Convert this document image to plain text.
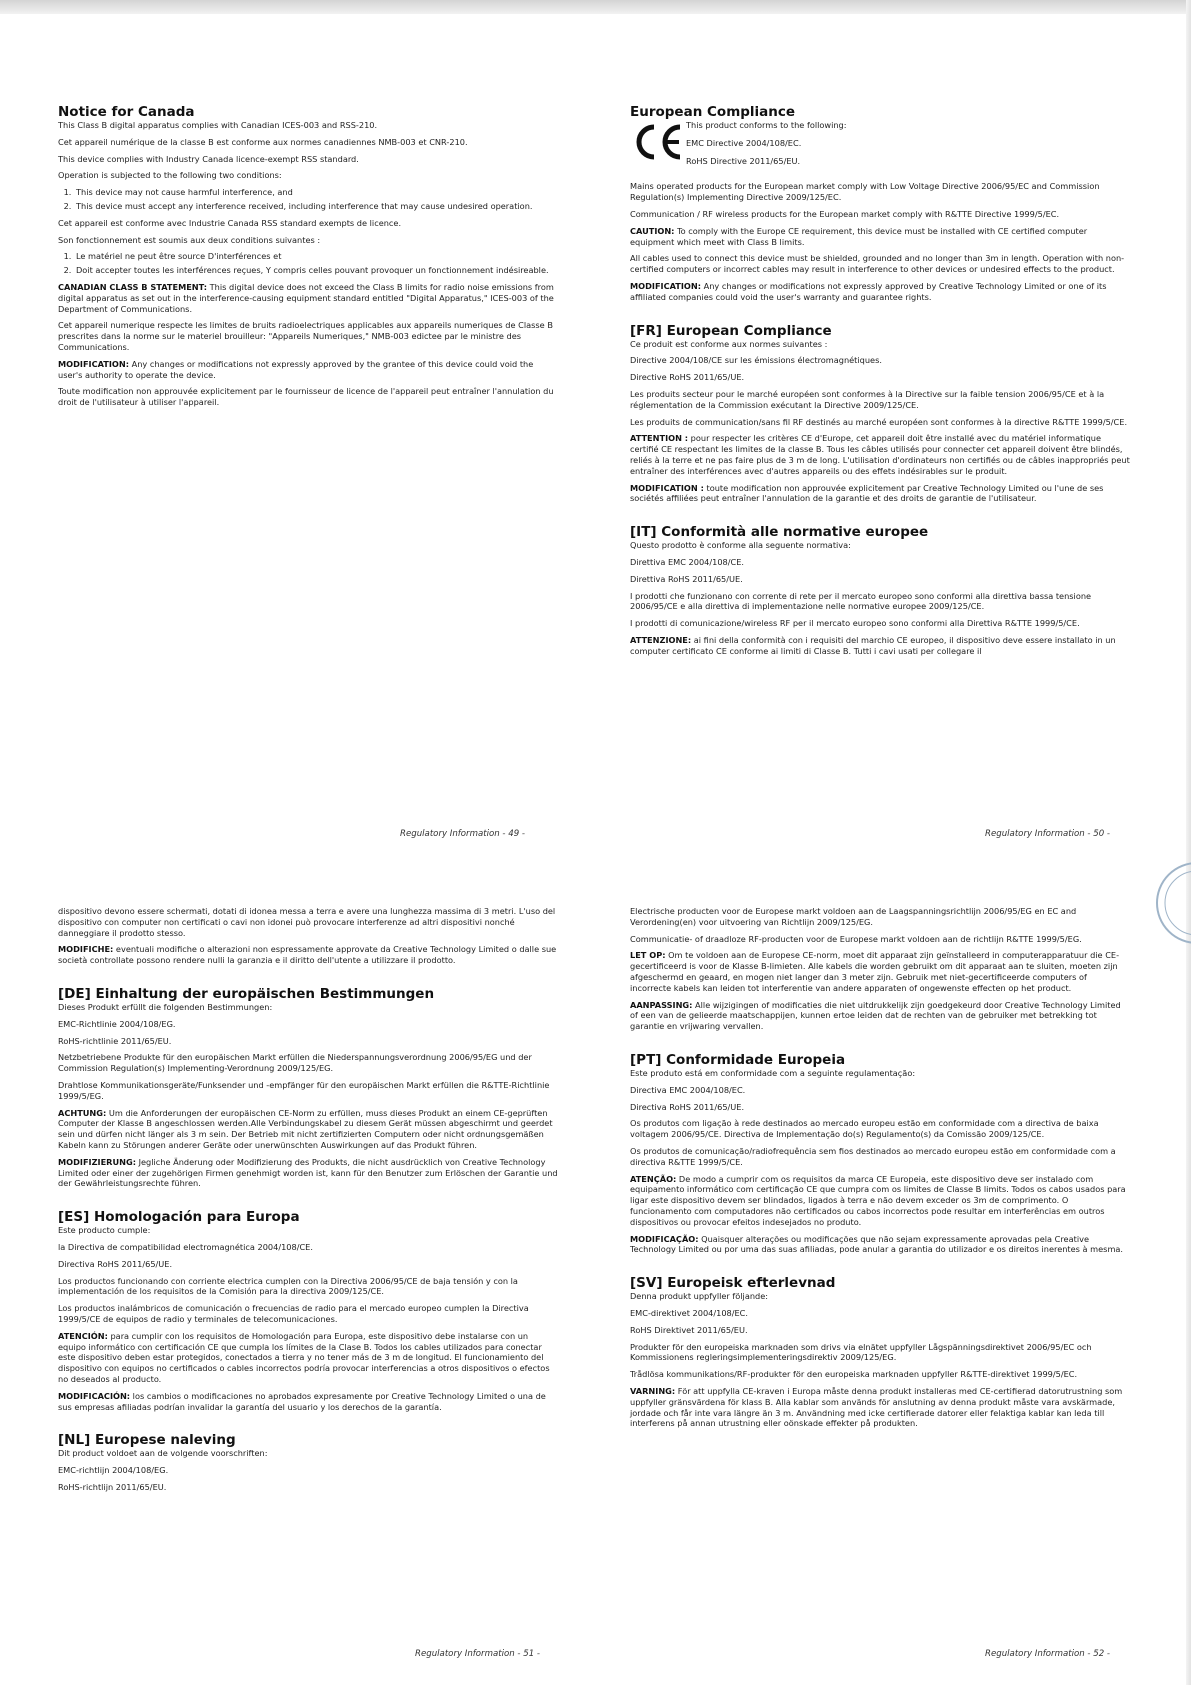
Notice for Canada

This Class B digital apparatus complies with Canadian ICES-003 and RSS-210.

Cet appareil numérique de la classe B est conforme aux normes canadiennes NMB-003 et CNR-210.

This device complies with Industry Canada licence-exempt RSS standard.

Operation is subjected to the following two conditions:

1. This device may not cause harmful interference, and
2. This device must accept any interference received, including interference that may cause undesired operation.

Cet appareil est conforme avec Industrie Canada RSS standard exempts de licence.

Son fonctionnement est soumis aux deux conditions suivantes :

1. Le matériel ne peut être source D'interférences et
2. Doit accepter toutes les interférences reçues, Y compris celles pouvant provoquer un fonctionnement indésireable.

CANADIAN CLASS B STATEMENT: This digital device does not exceed the Class B limits for radio noise emissions from digital apparatus as set out in the interference-causing equipment standard entitled "Digital Apparatus," ICES-003 of the Department of Communications.

Cet appareil numerique respecte les limites de bruits radioelectriques applicables aux appareils numeriques de Classe B prescrites dans la norme sur le materiel brouilleur: "Appareils Numeriques," NMB-003 edictee par le ministre des Communications.

MODIFICATION: Any changes or modifications not expressly approved by the grantee of this device could void the user's authority to operate the device.

Toute modification non approuvée explicitement par le fournisseur de licence de l'appareil peut entraîner l'annulation du droit de l'utilisateur à utiliser l'appareil.

European Compliance

This product conforms to the following:

EMC Directive 2004/108/EC.

RoHS Directive 2011/65/EU.

Mains operated products for the European market comply with Low Voltage Directive 2006/95/EC and Commission Regulation(s) Implementing Directive 2009/125/EC.

Communication / RF wireless products for the European market comply with R&TTE Directive 1999/5/EC.

CAUTION: To comply with the Europe CE requirement, this device must be installed with CE certified computer equipment which meet with Class B limits.

All cables used to connect this device must be shielded, grounded and no longer than 3m in length. Operation with non-certified computers or incorrect cables may result in interference to other devices or undesired effects to the product.

MODIFICATION: Any changes or modifications not expressly approved by Creative Technology Limited or one of its affiliated companies could void the user's warranty and guarantee rights.

[FR] European Compliance

Ce produit est conforme aux normes suivantes :

Directive 2004/108/CE sur les émissions électromagnétiques.

Directive RoHS 2011/65/UE.

Les produits secteur pour le marché européen sont conformes à la Directive sur la faible tension 2006/95/CE et à la réglementation de la Commission exécutant la Directive 2009/125/CE.

Les produits de communication/sans fil RF destinés au marché européen sont conformes à la directive R&TTE 1999/5/CE.

ATTENTION : pour respecter les critères CE d'Europe, cet appareil doit être installé avec du matériel informatique certifié CE respectant les limites de la classe B. Tous les câbles utilisés pour connecter cet appareil doivent être blindés, reliés à la terre et ne pas faire plus de 3 m de long. L'utilisation d'ordinateurs non certifiés ou de câbles inappropriés peut entraîner des interférences avec d'autres appareils ou des effets indésirables sur le produit.

MODIFICATION : toute modification non approuvée explicitement par Creative Technology Limited ou l'une de ses sociétés affiliées peut entraîner l'annulation de la garantie et des droits de garantie de l'utilisateur.

[IT] Conformità alle normative europee

Questo prodotto è conforme alla seguente normativa:

Direttiva EMC 2004/108/CE.

Direttiva RoHS 2011/65/UE.

I prodotti che funzionano con corrente di rete per il mercato europeo sono conformi alla direttiva bassa tensione 2006/95/CE e alla direttiva di implementazione nelle normative europee 2009/125/CE.

I prodotti di comunicazione/wireless RF per il mercato europeo sono conformi alla Direttiva R&TTE 1999/5/CE.

ATTENZIONE: ai fini della conformità con i requisiti del marchio CE europeo, il dispositivo deve essere installato in un computer certificato CE conforme ai limiti di Classe B. Tutti i cavi usati per collegare il

dispositivo devono essere schermati, dotati di idonea messa a terra e avere una lunghezza massima di 3 metri. L'uso del dispositivo con computer non certificati o cavi non idonei può provocare interferenze ad altri dispositivi nonché danneggiare il prodotto stesso.

MODIFICHE: eventuali modifiche o alterazioni non espressamente approvate da Creative Technology Limited o dalle sue società controllate possono rendere nulli la garanzia e il diritto dell'utente a utilizzare il prodotto.

[DE] Einhaltung der europäischen Bestimmungen

Dieses Produkt erfüllt die folgenden Bestimmungen:

EMC-Richtlinie 2004/108/EG.

RoHS-richtlinie 2011/65/EU.

Netzbetriebene Produkte für den europäischen Markt erfüllen die Niederspannungsverordnung 2006/95/EG und der Commission Regulation(s) Implementing-Verordnung 2009/125/EG.

Drahtlose Kommunikationsgeräte/Funksender und -empfänger für den europäischen Markt erfüllen die R&TTE-Richtlinie 1999/5/EG.

ACHTUNG: Um die Anforderungen der europäischen CE-Norm zu erfüllen, muss dieses Produkt an einem CE-geprüften Computer der Klasse B angeschlossen werden.Alle Verbindungskabel zu diesem Gerät müssen abgeschirmt und geerdet sein und dürfen nicht länger als 3 m sein. Der Betrieb mit nicht zertifizierten Computern oder nicht ordnungsgemäßen Kabeln kann zu Störungen anderer Geräte oder unerwünschten Auswirkungen auf das Produkt führen.

MODIFIZIERUNG: Jegliche Änderung oder Modifizierung des Produkts, die nicht ausdrücklich von Creative Technology Limited oder einer der zugehörigen Firmen genehmigt worden ist, kann für den Benutzer zum Erlöschen der Garantie und der Gewährleistungsrechte führen.

[ES] Homologación para Europa

Este producto cumple:

la Directiva de compatibilidad electromagnética 2004/108/CE.

Directiva RoHS 2011/65/UE.

Los productos funcionando con corriente electrica cumplen con la Directiva 2006/95/CE de baja tensión y con la implementación de los requisitos de la Comisión para la directiva 2009/125/CE.

Los productos inalámbricos de comunicación o frecuencias de radio para el mercado europeo cumplen la Directiva 1999/5/CE de equipos de radio y terminales de telecomunicaciones.

ATENCIÓN: para cumplir con los requisitos de Homologación para Europa, este dispositivo debe instalarse con un equipo informático con certificación CE que cumpla los límites de la Clase B. Todos los cables utilizados para conectar este dispositivo deben estar protegidos, conectados a tierra y no tener más de 3 m de longitud. El funcionamiento del dispositivo con equipos no certificados o cables incorrectos podría provocar interferencias a otros dispositivos o efectos no deseados al producto.

MODIFICACIÓN: los cambios o modificaciones no aprobados expresamente por Creative Technology Limited o una de sus empresas afiliadas podrían invalidar la garantía del usuario y los derechos de la garantía.

[NL] Europese naleving

Dit product voldoet aan de volgende voorschriften:

EMC-richtlijn 2004/108/EG.

RoHS-richtlijn 2011/65/EU.

Electrische producten voor de Europese markt voldoen aan de Laagspanningsrichtlijn 2006/95/EG en EC and Verordening(en) voor uitvoering van Richtlijn 2009/125/EG.

Communicatie- of draadloze RF-producten voor de Europese markt voldoen aan de richtlijn R&TTE 1999/5/EG.

LET OP: Om te voldoen aan de Europese CE-norm, moet dit apparaat zijn geïnstalleerd in computerapparatuur die CE-gecertificeerd is voor de Klasse B-limieten. Alle kabels die worden gebruikt om dit apparaat aan te sluiten, moeten zijn afgeschermd en geaard, en mogen niet langer dan 3 meter zijn. Gebruik met niet-gecertificeerde computers of incorrecte kabels kan leiden tot interferentie van andere apparaten of ongewenste effecten op het product.

AANPASSING: Alle wijzigingen of modificaties die niet uitdrukkelijk zijn goedgekeurd door Creative Technology Limited of een van de gelieerde maatschappijen, kunnen ertoe leiden dat de rechten van de gebruiker met betrekking tot garantie en vrijwaring vervallen.

[PT] Conformidade Europeia

Este produto está em conformidade com a seguinte regulamentação:

Directiva EMC 2004/108/EC.

Directiva RoHS 2011/65/UE.

Os produtos com ligação à rede destinados ao mercado europeu estão em conformidade com a directiva de baixa voltagem 2006/95/CE. Directiva de Implementação do(s) Regulamento(s) da Comissão 2009/125/CE.

Os produtos de comunicação/radiofrequência sem fios destinados ao mercado europeu estão em conformidade com a directiva R&TTE 1999/5/CE.

ATENÇÃO: De modo a cumprir com os requisitos da marca CE Europeia, este dispositivo deve ser instalado com equipamento informático com certificação CE que cumpra com os limites de Classe B limits. Todos os cabos usados para ligar este dispositivo devem ser blindados, ligados à terra e não devem exceder os 3m de comprimento. O funcionamento com computadores não certificados ou cabos incorrectos pode resultar em interferências em outros dispositivos ou provocar efeitos indesejados no produto.

MODIFICAÇÃO: Quaisquer alterações ou modificações que não sejam expressamente aprovadas pela Creative Technology Limited ou por uma das suas afiliadas, pode anular a garantia do utilizador e os direitos inerentes à mesma.

[SV] Europeisk efterlevnad

Denna produkt uppfyller följande:

EMC-direktivet 2004/108/EC.

RoHS Direktivet 2011/65/EU.

Produkter för den europeiska marknaden som drivs via elnätet uppfyller Lågspänningsdirektivet 2006/95/EC och Kommissionens regleringsimplementeringsdirektiv 2009/125/EG.

Trådlösa kommunikations/RF-produkter för den europeiska marknaden uppfyller R&TTE-direktivet 1999/5/EC.

VARNING: För att uppfylla CE-kraven i Europa måste denna produkt installeras med CE-certifierad datorutrustning som uppfyller gränsvärdena för klass B. Alla kablar som används för anslutning av denna produkt måste vara avskärmade, jordade och får inte vara längre än 3 m. Användning med icke certifierade datorer eller felaktiga kablar kan leda till interferens på annan utrustning eller oönskade effekter på produkten.

Regulatory Information - 49 -	Regulatory Information - 50 -
Regulatory Information - 51 -	Regulatory Information - 52 -
